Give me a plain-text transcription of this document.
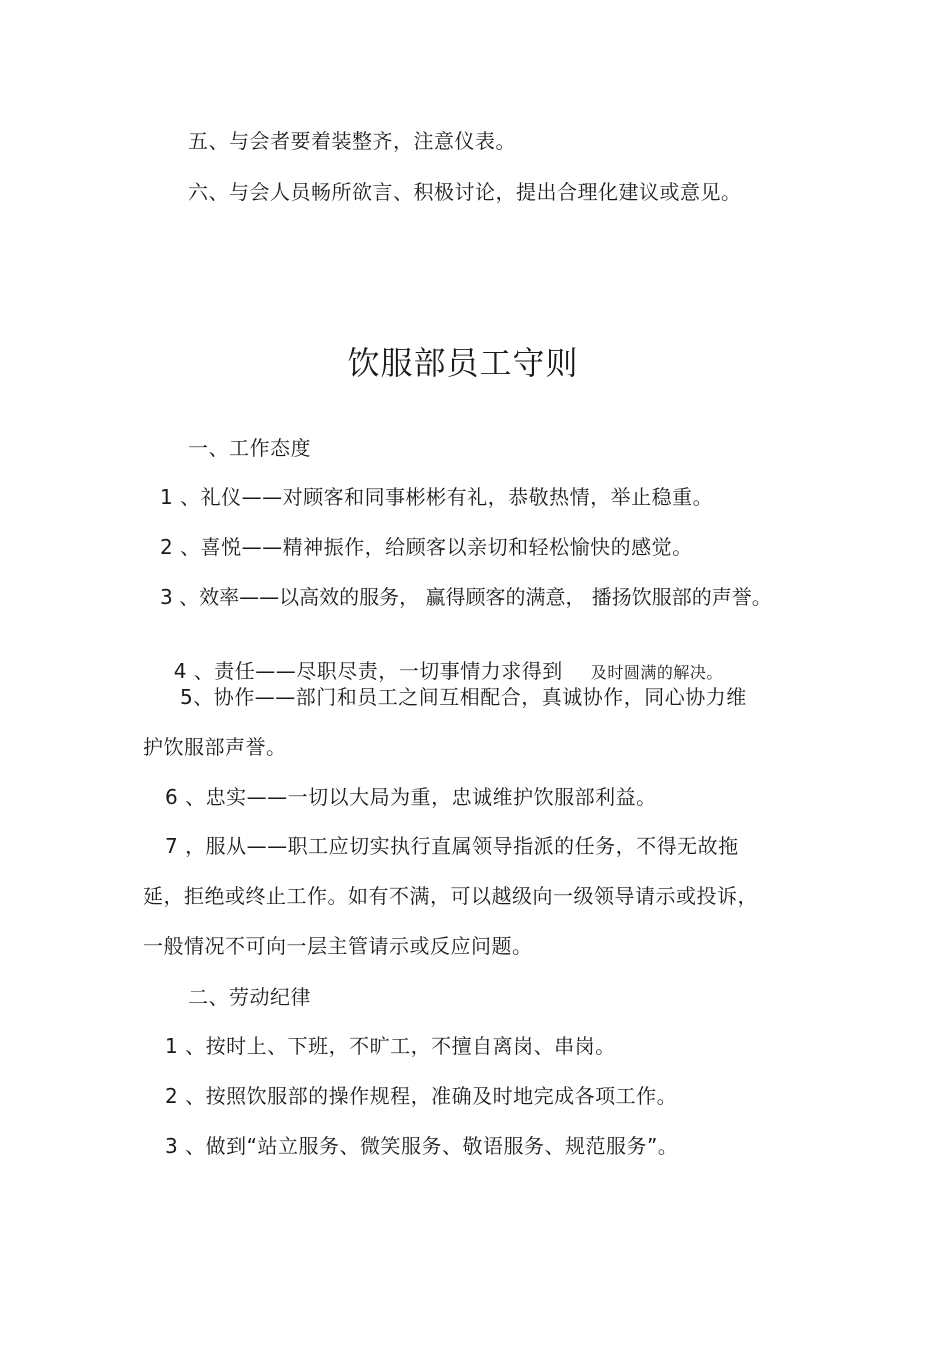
五、与会者要着装整齐，注意仪表。
六、与会人员畅所欲言、积极讨论，提出合理化建议或意见。
饮服部员工守则
一、工作态度
1 、礼仪——对顾客和同事彬彬有礼，恭敬热情，举止稳重。
2 、喜悦——精神振作，给顾客以亲切和轻松愉快的感觉。
3 、效率——以高效的服务， 赢得顾客的满意， 播扬饮服部的声誉。

4 、责任——尽职尽责，一切事情力求得到 及时圆满的解决。

5、协作——部门和员工之间互相配合，真诚协作，同心协力维
护饮服部声誉。
6 、忠实——一切以大局为重，忠诚维护饮服部利益。
7 ，服从——职工应切实执行直属领导指派的任务，不得无故拖
延，拒绝或终止工作。如有不满，可以越级向一级领导请示或投诉，
一般情况不可向一层主管请示或反应问题。
二、劳动纪律
1 、按时上、下班，不旷工，不擅自离岗、串岗。
2 、按照饮服部的操作规程，准确及时地完成各项工作。
3 、做到“站立服务、微笑服务、敬语服务、规范服务”。
